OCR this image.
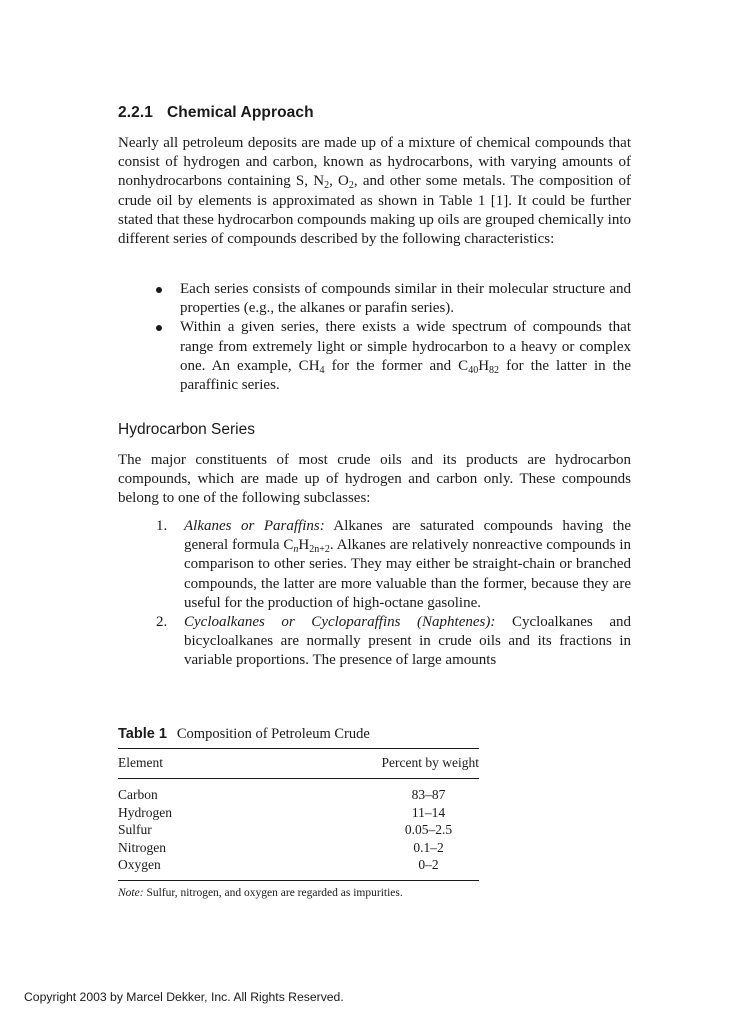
2.2.1 Chemical Approach

Nearly all petroleum deposits are made up of a mixture of chemical compounds that consist of hydrogen and carbon, known as hydrocarbons, with varying amounts of nonhydrocarbons containing S, $N_2$, $O_2$, and other some metals. The composition of crude oil by elements is approximated as shown in Table 1 [1]. It could be further stated that these hydrocarbon compounds making up oils are grouped chemically into different series of compounds described by the following characteristics:

Each series consists of compounds similar in their molecular structure and properties (e.g., the alkanes or parafin series).
Within a given series, there exists a wide spectrum of compounds that range from extremely light or simple hydrocarbon to a heavy or complex one. An example, $CH_4$ for the former and $C_{40}H_{82}$ for the latter in the paraffinic series.
Hydrocarbon Series

The major constituents of most crude oils and its products are hydrocarbon compounds, which are made up of hydrogen and carbon only. These compounds belong to one of the following subclasses:

1. Alkanes or Paraffins: Alkanes are saturated compounds having the general formula $C_nH_{2n+2}$. Alkanes are relatively nonreactive compounds in comparison to other series. They may either be straight-chain or branched compounds, the latter are more valuable than the former, because they are useful for the production of high-octane gasoline.
2. Cycloalkanes or Cycloparaffins (Naphtenes): Cycloalkanes and bicycloalkanes are normally present in crude oils and its fractions in variable proportions. The presence of large amounts
Table 1 Composition of Petroleum Crude
Element	Percent by weight
Carbon	83–87
Hydrogen	11–14
Sulfur	0.05–2.5
Nitrogen	0.1–2
Oxygen	0–2
Note: Sulfur, nitrogen, and oxygen are regarded as impurities.
Copyright 2003 by Marcel Dekker, Inc. All Rights Reserved.
